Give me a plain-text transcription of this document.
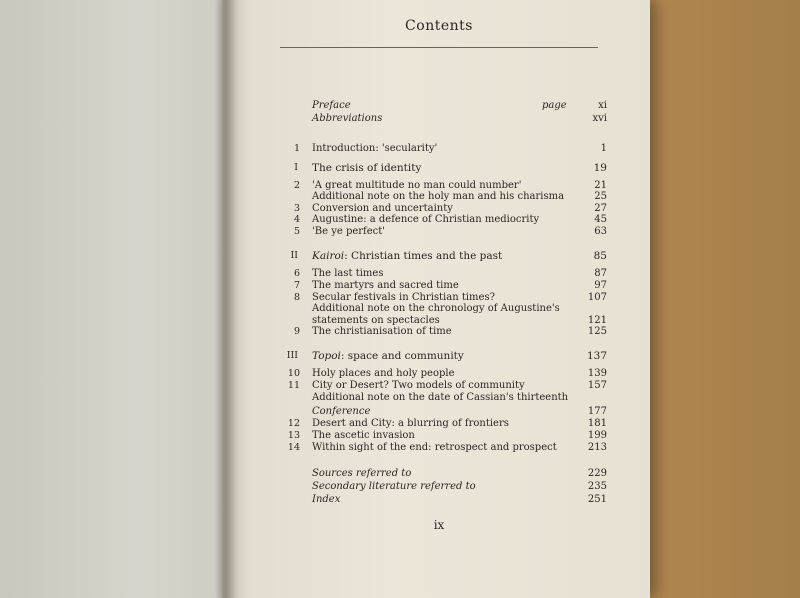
Contents
page
Preface	xi
Abbreviations	xvi
1 Introduction: 'secularity'	1
I The crisis of identity	19
2 'A great multitude no man could number'	21
Additional note on the holy man and his charisma	25
3 Conversion and uncertainty	27
4 Augustine: a defence of Christian mediocrity	45
5 'Be ye perfect'	63
II Kairoi: Christian times and the past	85
6 The last times	87
7 The martyrs and sacred time	97
8 Secular festivals in Christian times?	107
Additional note on the chronology of Augustine's
statements on spectacles	121
9 The christianisation of time	125
III Topoi: space and community	137
10 Holy places and holy people	139
11 City or Desert? Two models of community	157
Additional note on the date of Cassian's thirteenth
Conference	177
12 Desert and City: a blurring of frontiers	181
13 The ascetic invasion	199
14 Within sight of the end: retrospect and prospect	213
Sources referred to	229
Secondary literature referred to	235
Index	251
ix
